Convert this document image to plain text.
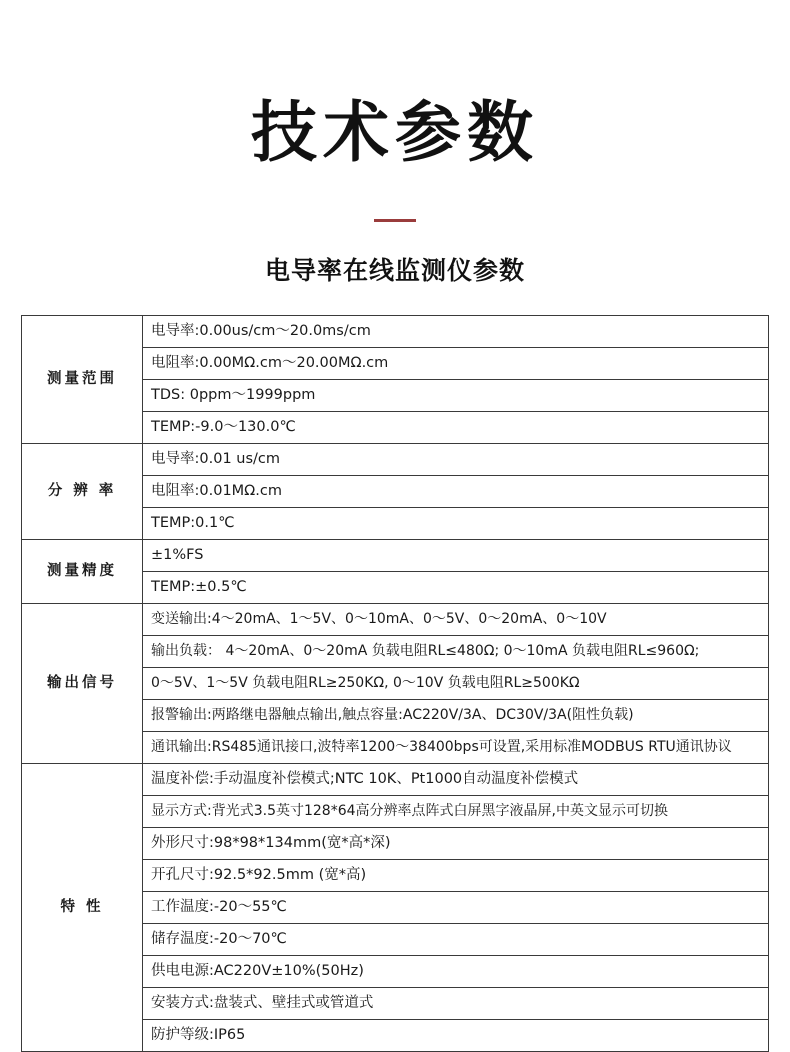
技术参数
电导率在线监测仪参数
测量范围	电导率:0.00us/cm～20.0ms/cm
	电阻率:0.00MΩ.cm～20.00MΩ.cm
	TDS: 0ppm～1999ppm
	TEMP:-9.0～130.0℃
分 辨 率	电导率:0.01 us/cm
	电阻率:0.01MΩ.cm
	TEMP:0.1℃
测量精度	±1%FS
	TEMP:±0.5℃
输出信号	变送输出:4～20mA、1～5V、0～10mA、0～5V、0～20mA、0～10V
	输出负载： 4～20mA、0～20mA 负载电阻RL≤480Ω; 0～10mA 负载电阻RL≤960Ω;
	0～5V、1～5V 负载电阻RL≥250KΩ, 0～10V 负载电阻RL≥500KΩ
	报警输出:两路继电器触点输出,触点容量:AC220V/3A、DC30V/3A(阻性负载)
	通讯输出:RS485通讯接口,波特率1200～38400bps可设置,采用标准MODBUS RTU通讯协议
特 性	温度补偿:手动温度补偿模式;NTC 10K、Pt1000自动温度补偿模式
	显示方式:背光式3.5英寸128*64高分辨率点阵式白屏黑字液晶屏,中英文显示可切换
	外形尺寸:98*98*134mm(宽*高*深)
	开孔尺寸:92.5*92.5mm (宽*高)
	工作温度:-20～55℃
	储存温度:-20～70℃
	供电电源:AC220V±10%(50Hz)
	安装方式:盘装式、壁挂式或管道式
	防护等级:IP65
